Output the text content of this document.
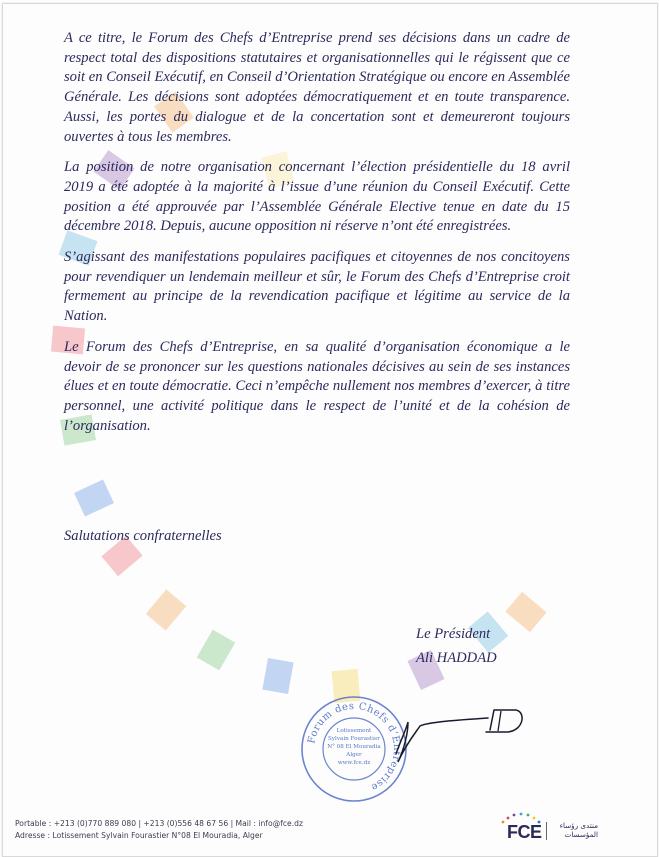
A ce titre, le Forum des Chefs d’Entreprise prend ses décisions dans un cadre de respect total des dispositions statutaires et organisationnelles qui le régissent que ce soit en Conseil Exécutif, en Conseil d’Orientation Stratégique ou encore en Assemblée Générale. Les décisions sont adoptées démocratiquement et en toute transparence. Aussi, les portes du dialogue et de la concertation sont et demeureront toujours ouvertes à tous les membres.

La position de notre organisation concernant l’élection présidentielle du 18 avril 2019 a été adoptée à la majorité à l’issue d’une réunion du Conseil Exécutif. Cette position a été approuvée par l’Assemblée Générale Elective tenue en date du 15 décembre 2018. Depuis, aucune opposition ni réserve n’ont été enregistrées.

S’agissant des manifestations populaires pacifiques et citoyennes de nos concitoyens pour revendiquer un lendemain meilleur et sûr, le Forum des Chefs d’Entreprise croit fermement au principe de la revendication pacifique et légitime au service de la Nation.

Le Forum des Chefs d’Entreprise, en sa qualité d’organisation économique a le devoir de se prononcer sur les questions nationales décisives au sein de ses instances élues et en toute démocratie. Ceci n’empêche nullement nos membres d’exercer, à titre personnel, une activité politique dans le respect de l’unité et de la cohésion de l’organisation.

Salutations confraternelles
Le Président
Ali HADDAD
Forum des Chefs d’Entreprise
Lotissement
Sylvain Fourastier
N° 08 El Mouradia
Alger
www.fce.dz
Portable : +213 (0)770 889 080 | +213 (0)556 48 67 56 | Mail : info@fce.dz
Adresse : Lotissement Sylvain Fourastier N°08 El Mouradia, Alger	FCE	منتدى رؤساء
المؤسسات
